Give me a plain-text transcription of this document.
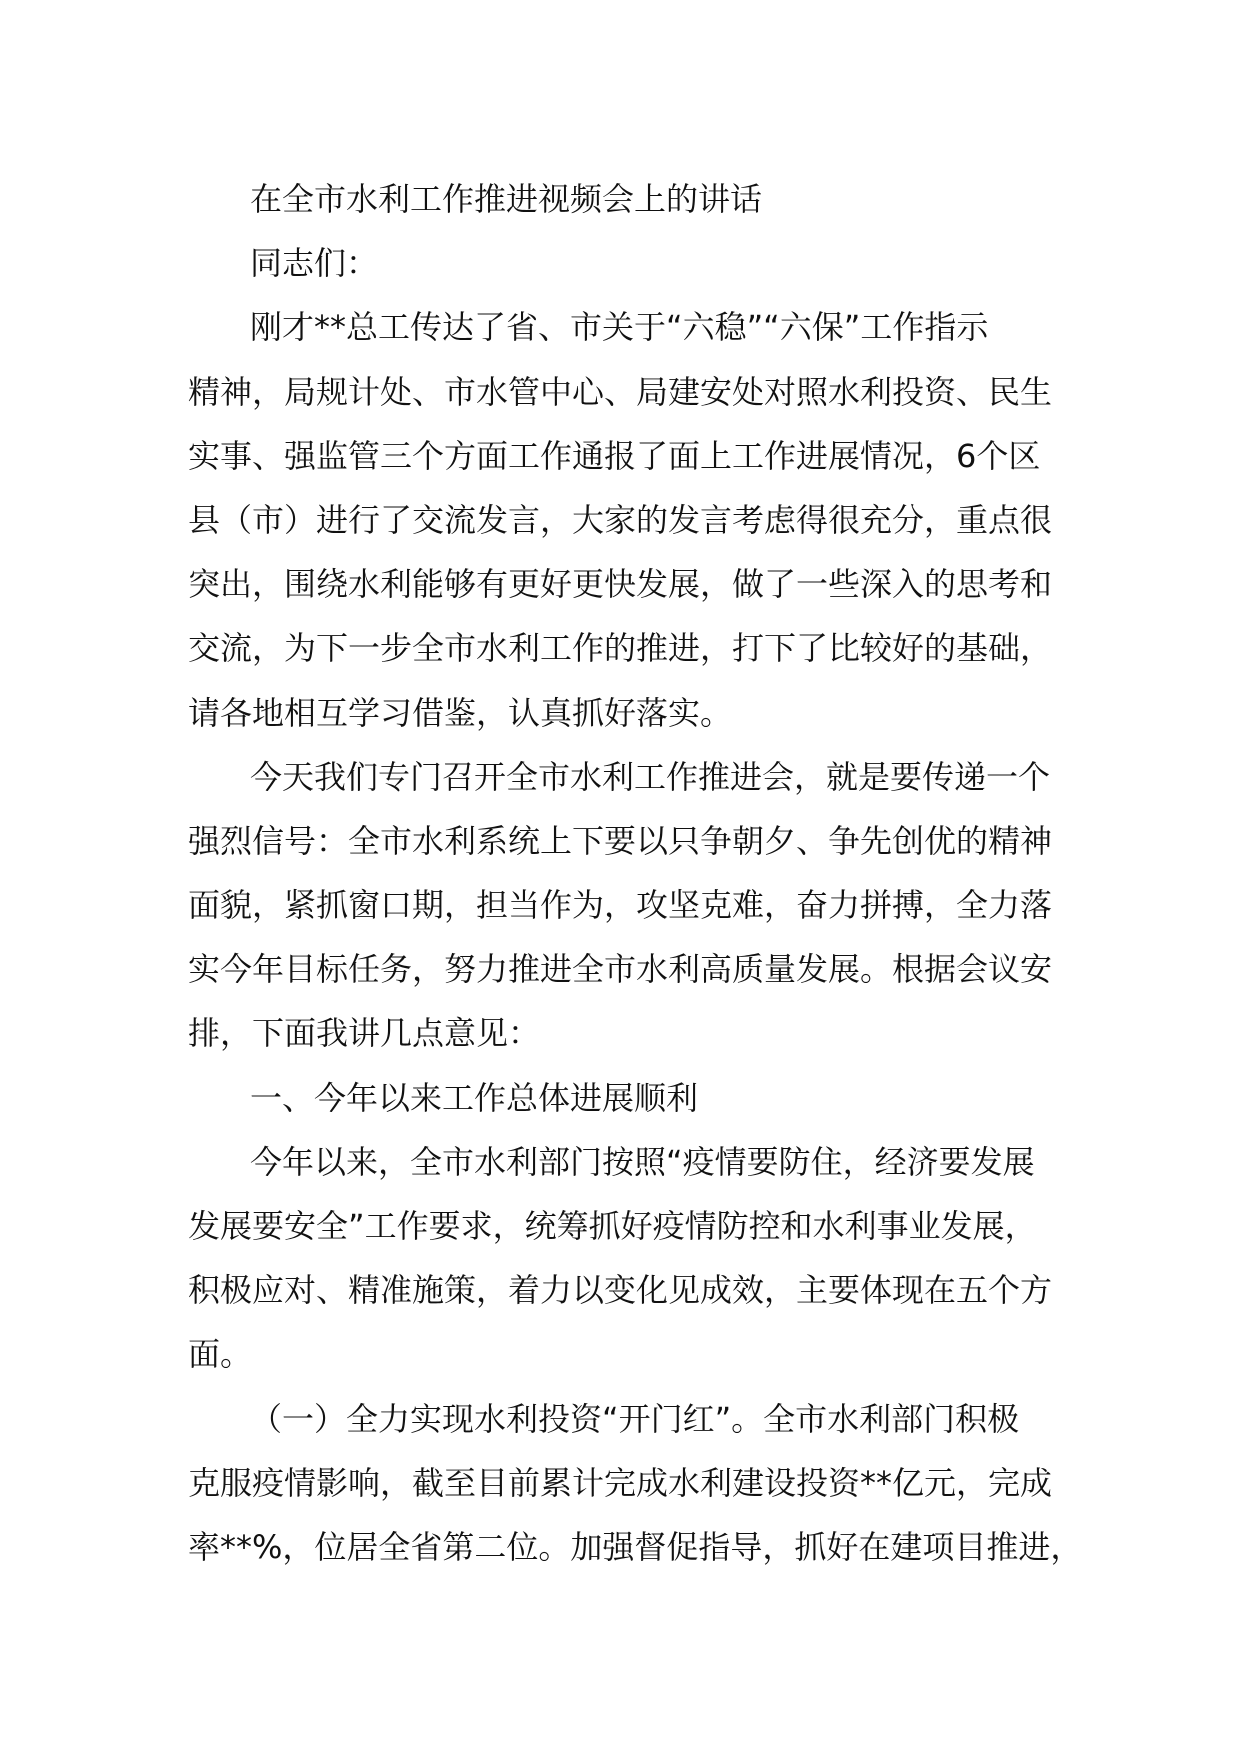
在全市水利工作推进视频会上的讲话
同志们：
刚才**总工传达了省、市关于“六稳”“六保”工作指示
精神，局规计处、市水管中心、局建安处对照水利投资、民生
实事、强监管三个方面工作通报了面上工作进展情况，6个区
县（市）进行了交流发言，大家的发言考虑得很充分，重点很
突出，围绕水利能够有更好更快发展，做了一些深入的思考和
交流，为下一步全市水利工作的推进，打下了比较好的基础，
请各地相互学习借鉴，认真抓好落实。
今天我们专门召开全市水利工作推进会，就是要传递一个
强烈信号：全市水利系统上下要以只争朝夕、争先创优的精神
面貌，紧抓窗口期，担当作为，攻坚克难，奋力拼搏，全力落
实今年目标任务，努力推进全市水利高质量发展。根据会议安
排，下面我讲几点意见：
一、今年以来工作总体进展顺利
今年以来，全市水利部门按照“疫情要防住，经济要发展
发展要安全”工作要求，统筹抓好疫情防控和水利事业发展，
积极应对、精准施策，着力以变化见成效，主要体现在五个方
面。
（一）全力实现水利投资“开门红”。全市水利部门积极
克服疫情影响，截至目前累计完成水利建设投资**亿元，完成
率**%，位居全省第二位。加强督促指导，抓好在建项目推进，
